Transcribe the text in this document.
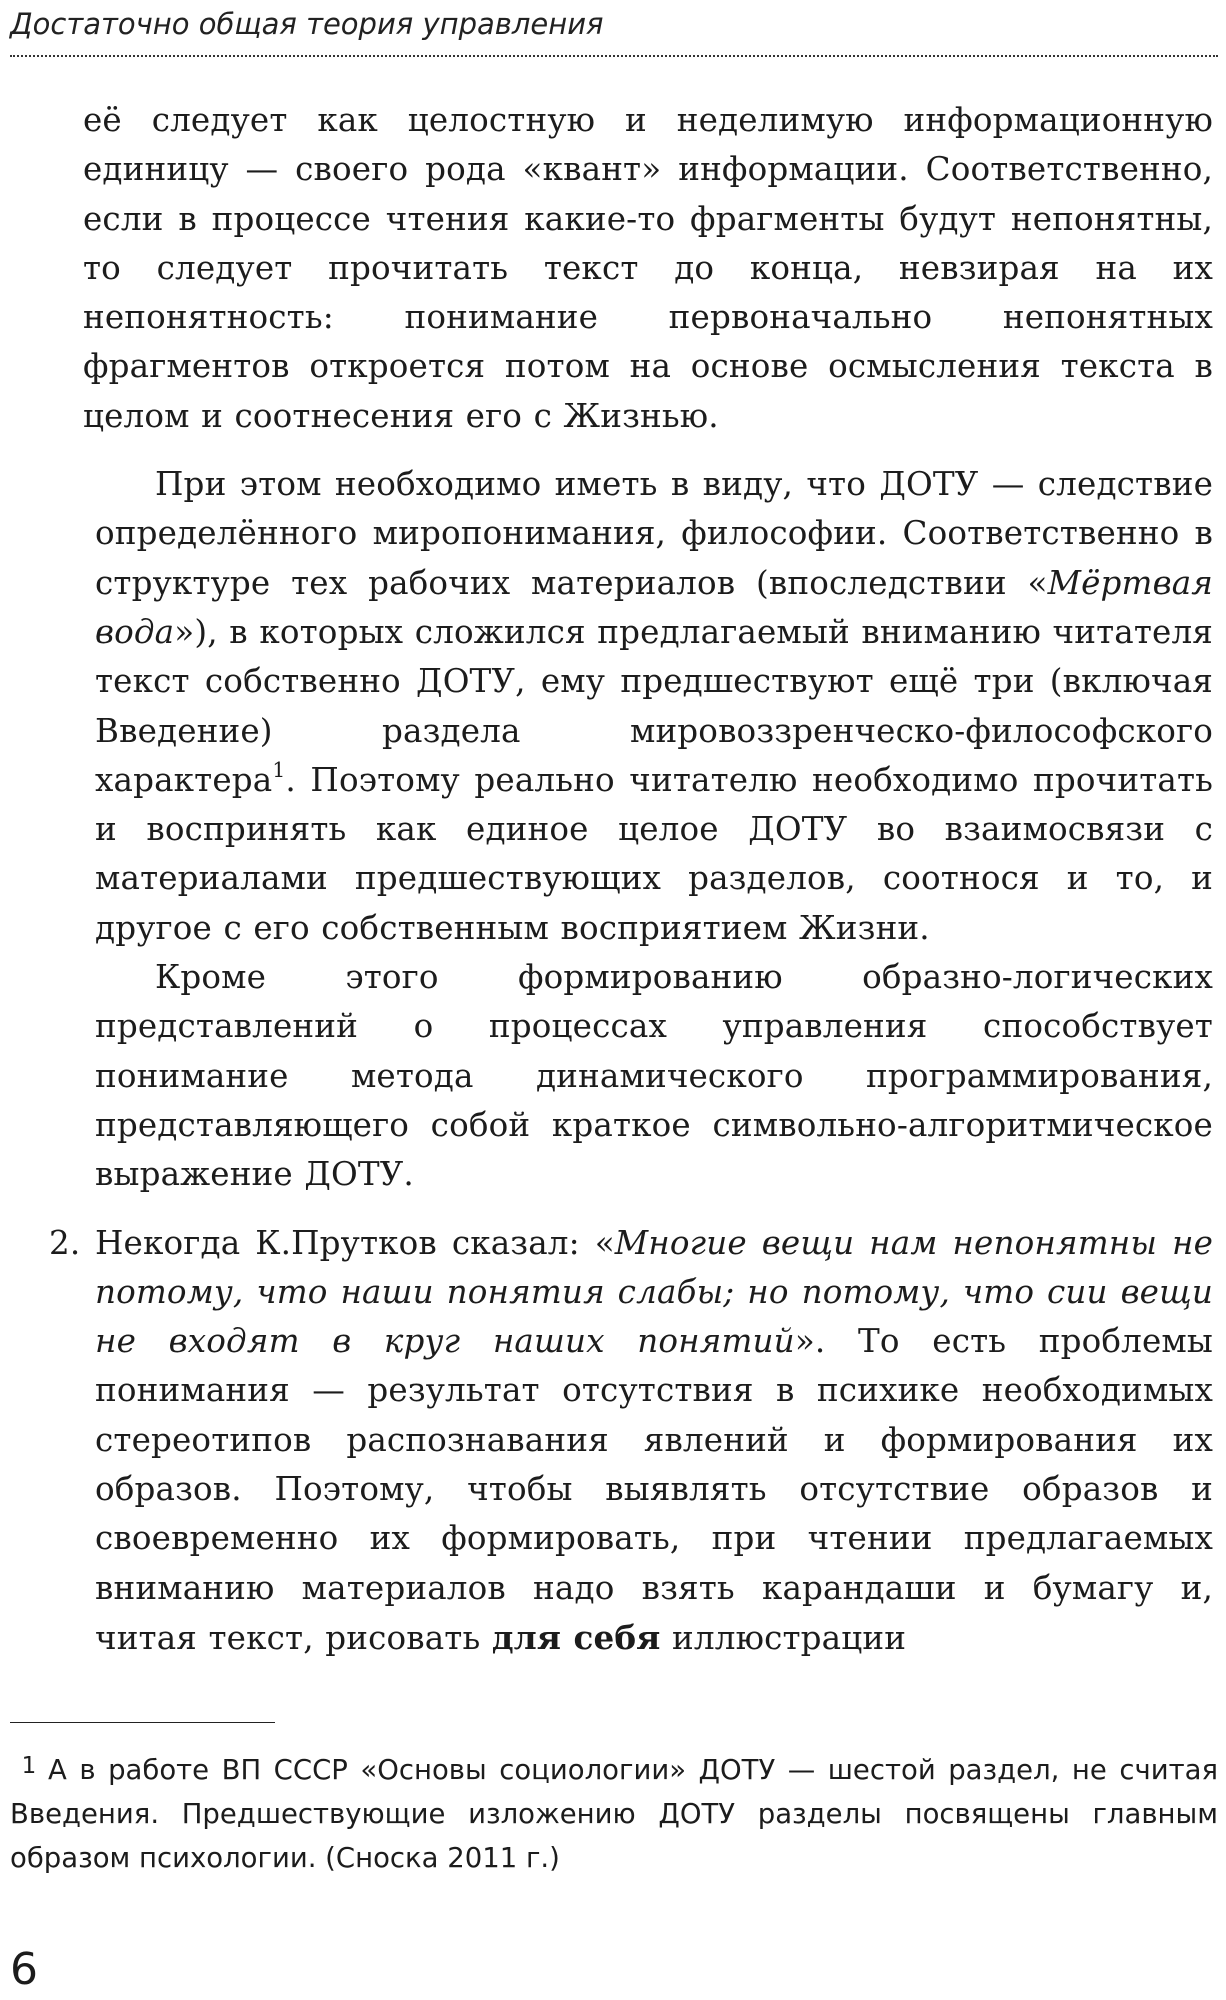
Достаточно общая теория управления

её следует как целостную и неделимую информационную единицу — своего рода «квант» информации. Соответственно, если в процессе чтения какие-то фрагменты будут непонятны, то следует прочитать текст до конца, невзирая на их непонятность: понимание первоначально непонятных фрагментов откроется потом на основе осмысления текста в целом и соотнесения его с Жизнью.

При этом необходимо иметь в виду, что ДОТУ — следствие определённого миропонимания, философии. Соответственно в структуре тех рабочих материалов (впоследствии «Мёртвая вода»), в которых сложился предлагаемый вниманию читателя текст собственно ДОТУ, ему предшествуют ещё три (включая Введение) раздела мировоззренческо-философского характера$^1$. Поэтому реально читателю необходимо прочитать и воспринять как единое целое ДОТУ во взаимосвязи с материалами предшествующих разделов, соотнося и то, и другое с его собственным восприятием Жизни.

Кроме этого формированию образно-логических представлений о процессах управления способствует понимание метода динамического программирования, представляющего собой краткое символьно-алгоритмическое выражение ДОТУ.

2. Некогда К.Прутков сказал: «Многие вещи нам непонятны не потому, что наши понятия слабы; но потому, что сии вещи не входят в круг наших понятий». То есть проблемы понимания — результат отсутствия в психике необходимых стереотипов распознавания явлений и формирования их образов. Поэтому, чтобы выявлять отсутствие образов и своевременно их формировать, при чтении предлагаемых вниманию материалов надо взять карандаши и бумагу и, читая текст, рисовать для себя иллюстрации

1 А в работе ВП СССР «Основы социологии» ДОТУ — шестой раздел, не считая Введения. Предшествующие изложению ДОТУ разделы посвящены главным образом психологии. (Сноска 2011 г.)

6
